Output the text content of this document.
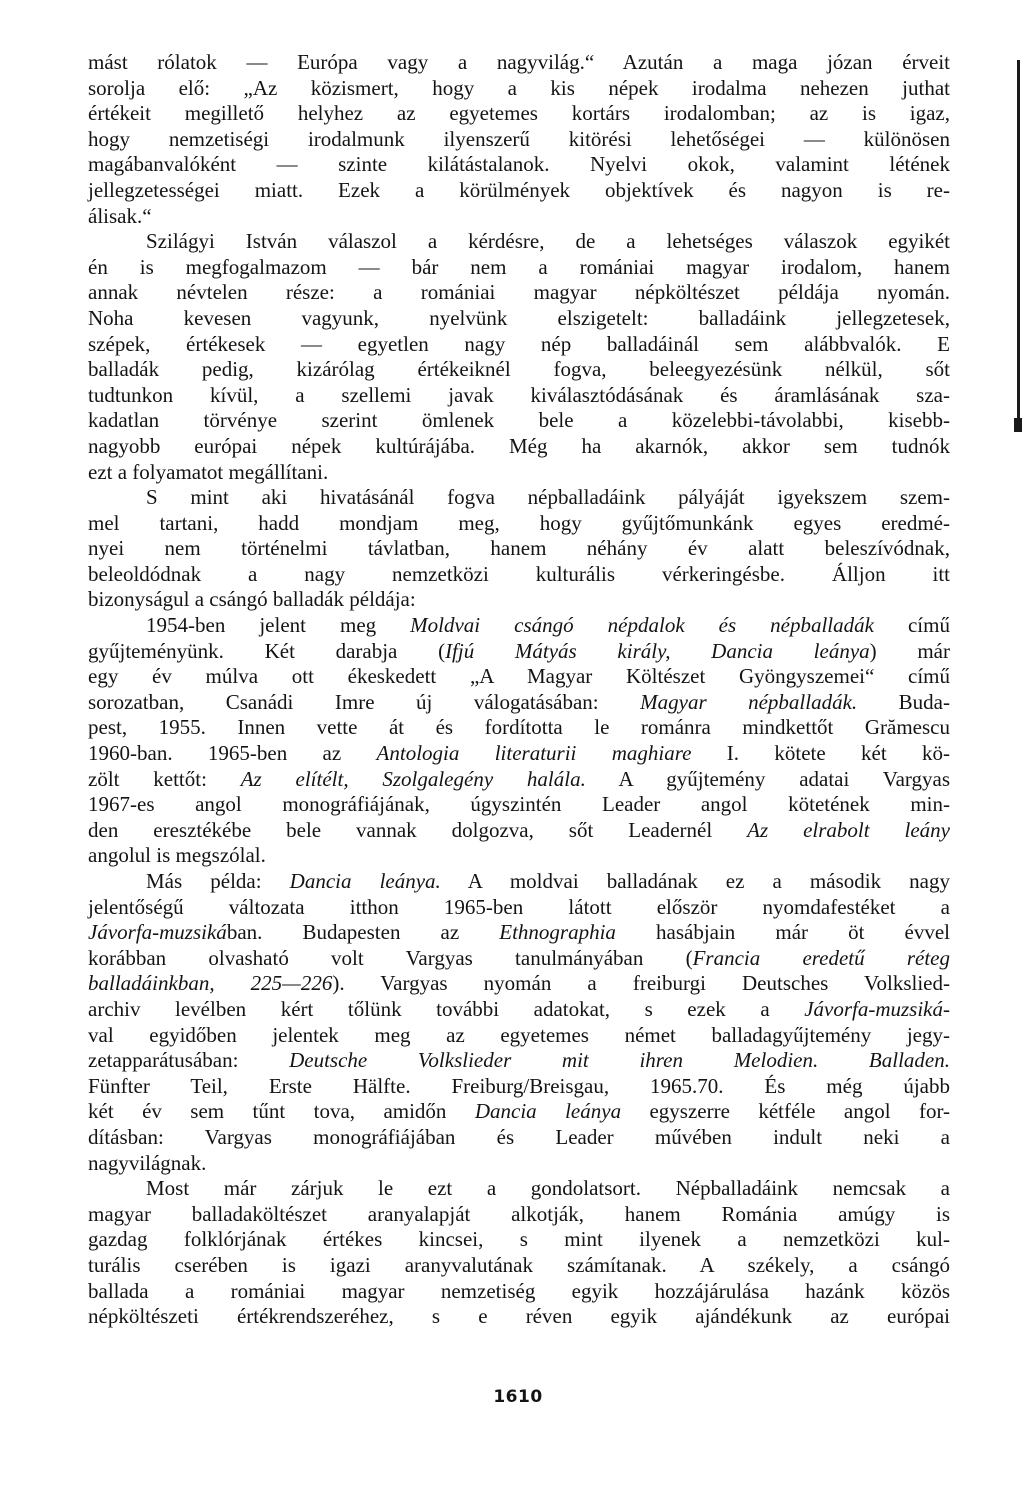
mást rólatok — Európa vagy a nagyvilág.“ Azután a maga józan érveit
sorolja elő: „Az közismert, hogy a kis népek irodalma nehezen juthat
értékeit megillető helyhez az egyetemes kortárs irodalomban; az is igaz,
hogy nemzetiségi irodalmunk ilyenszerű kitörési lehetőségei — különösen
magábanvalóként — szinte kilátástalanok. Nyelvi okok, valamint létének
jellegzetességei miatt. Ezek a körülmények objektívek és nagyon is re-
álisak.“
Szilágyi István válaszol a kérdésre, de a lehetséges válaszok egyikét
én is megfogalmazom — bár nem a romániai magyar irodalom, hanem
annak névtelen része: a romániai magyar népköltészet példája nyomán.
Noha kevesen vagyunk, nyelvünk elszigetelt: balladáink jellegzetesek,
szépek, értékesek — egyetlen nagy nép balladáinál sem alábbvalók. E
balladák pedig, kizárólag értékeiknél fogva, beleegyezésünk nélkül, sőt
tudtunkon kívül, a szellemi javak kiválasztódásának és áramlásának sza-
kadatlan törvénye szerint ömlenek bele a közelebbi-távolabbi, kisebb-
nagyobb európai népek kultúrájába. Még ha akarnók, akkor sem tudnók
ezt a folyamatot megállítani.
S mint aki hivatásánál fogva népballadáink pályáját igyekszem szem-
mel tartani, hadd mondjam meg, hogy gyűjtőmunkánk egyes eredmé-
nyei nem történelmi távlatban, hanem néhány év alatt beleszívódnak,
beleoldódnak a nagy nemzetközi kulturális vérkeringésbe. Álljon itt
bizonyságul a csángó balladák példája:
1954-ben jelent meg Moldvai csángó népdalok és népballadák című
gyűjteményünk. Két darabja (Ifjú Mátyás király, Dancia leánya) már
egy év múlva ott ékeskedett „A Magyar Költészet Gyöngyszemei“ című
sorozatban, Csanádi Imre új válogatásában: Magyar népballadák. Buda-
pest, 1955. Innen vette át és fordította le románra mindkettőt Grămescu
1960-ban. 1965-ben az Antologia literaturii maghiare I. kötete két kö-
zölt kettőt: Az elítélt, Szolgalegény halála. A gyűjtemény adatai Vargyas
1967-es angol monográfiájának, úgyszintén Leader angol kötetének min-
den eresztékébe bele vannak dolgozva, sőt Leadernél Az elrabolt leány
angolul is megszólal.
Más példa: Dancia leánya. A moldvai balladának ez a második nagy
jelentőségű változata itthon 1965-ben látott először nyomdafestéket a
Jávorfa-muzsikában. Budapesten az Ethnographia hasábjain már öt évvel
korábban olvasható volt Vargyas tanulmányában (Francia eredetű réteg
balladáinkban, 225—226). Vargyas nyomán a freiburgi Deutsches Volkslied-
archiv levélben kért tőlünk további adatokat, s ezek a Jávorfa-muzsiká-
val egyidőben jelentek meg az egyetemes német balladagyűjtemény jegy-
zetapparátusában: Deutsche Volkslieder mit ihren Melodien. Balladen.
Fünfter Teil, Erste Hälfte. Freiburg/Breisgau, 1965.70. És még újabb
két év sem tűnt tova, amidőn Dancia leánya egyszerre kétféle angol for-
dításban: Vargyas monográfiájában és Leader művében indult neki a
nagyvilágnak.
Most már zárjuk le ezt a gondolatsort. Népballadáink nemcsak a
magyar balladaköltészet aranyalapját alkotják, hanem Románia amúgy is
gazdag folklórjának értékes kincsei, s mint ilyenek a nemzetközi kul-
turális cserében is igazi aranyvalutának számítanak. A székely, a csángó
ballada a romániai magyar nemzetiség egyik hozzájárulása hazánk közös
népköltészeti értékrendszeréhez, s e réven egyik ajándékunk az európai
1610
